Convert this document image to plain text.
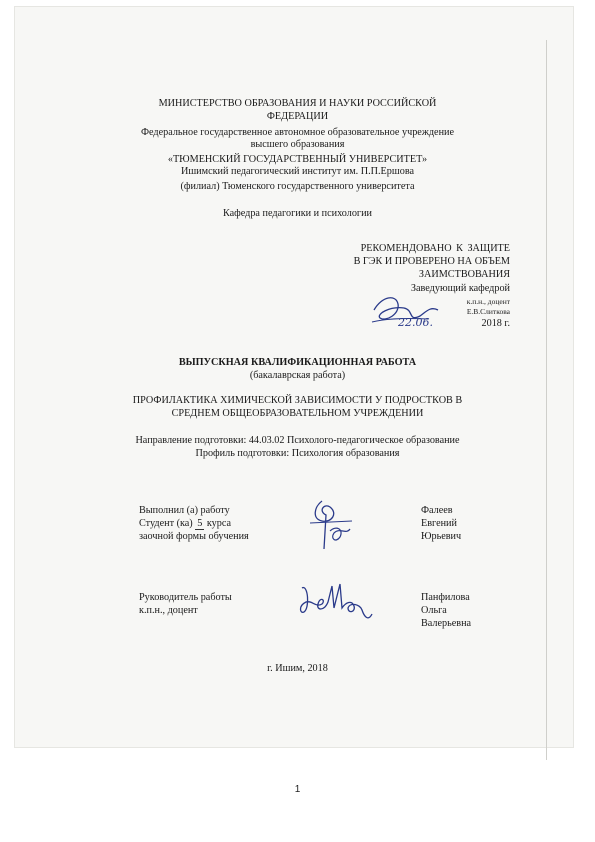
МИНИСТЕРСТВО ОБРАЗОВАНИЯ И НАУКИ РОССИЙСКОЙ
ФЕДЕРАЦИИ
Федеральное государственное автономное образовательное учреждение
высшего образования
«ТЮМЕНСКИЙ ГОСУДАРСТВЕННЫЙ УНИВЕРСИТЕТ»
Ишимский педагогический институт им. П.П.Ершова
(филиал) Тюменского государственного университета
Кафедра педагогики и психологии
РЕКОМЕНДОВАНО К ЗАЩИТЕ
В ГЭК И ПРОВЕРЕНО НА ОБЪЕМ
ЗАИМСТВОВАНИЯ
Заведующий кафедрой
к.п.н., доцент
Е.В.Слиткова
2018 г.
22.06.
ВЫПУСКНАЯ КВАЛИФИКАЦИОННАЯ РАБОТА
(бакалаврская работа)
ПРОФИЛАКТИКА ХИМИЧЕСКОЙ ЗАВИСИМОСТИ У ПОДРОСТКОВ В
СРЕДНЕМ ОБЩЕОБРАЗОВАТЕЛЬНОМ УЧРЕЖДЕНИИ
Направление подготовки: 44.03.02 Психолого-педагогическое образование
Профиль подготовки: Психология образования
Выполнил (а) работу
Студент (ка) 5 курса
заочной формы обучения
Фалеев
Евгений
Юрьевич
Руководитель работы
к.п.н., доцент
Панфилова
Ольга
Валерьевна
г. Ишим, 2018
1
